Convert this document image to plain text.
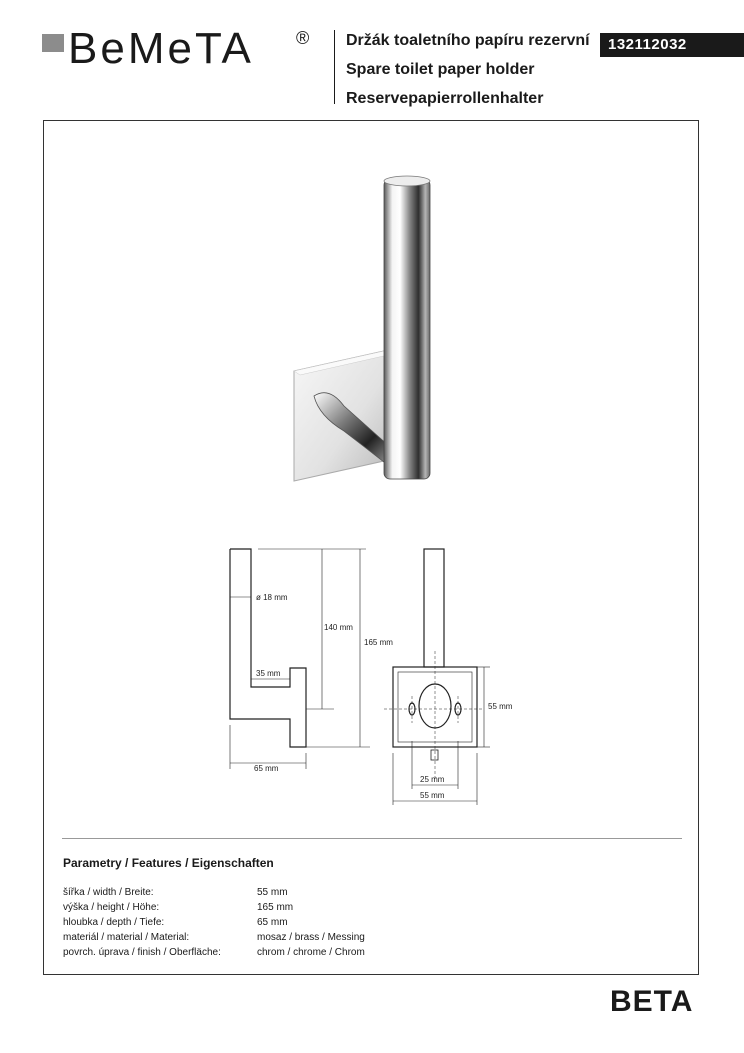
BeMeTA ® Držák toaletního papíru rezervní
Spare toilet paper holder
Reservepapierrollenhalter
132112032
ø 18 mm
140 mm
165 mm
35 mm
65 mm
55 mm
25 mm
55 mm
Parametry / Features / Eigenschaften
šířka / width / Breite:	55 mm
výška / height / Höhe:	165 mm
hloubka / depth / Tiefe:	65 mm
materiál / material / Material:	mosaz / brass / Messing
povrch. úprava / finish / Oberfläche:	chrom / chrome / Chrom
BETA
